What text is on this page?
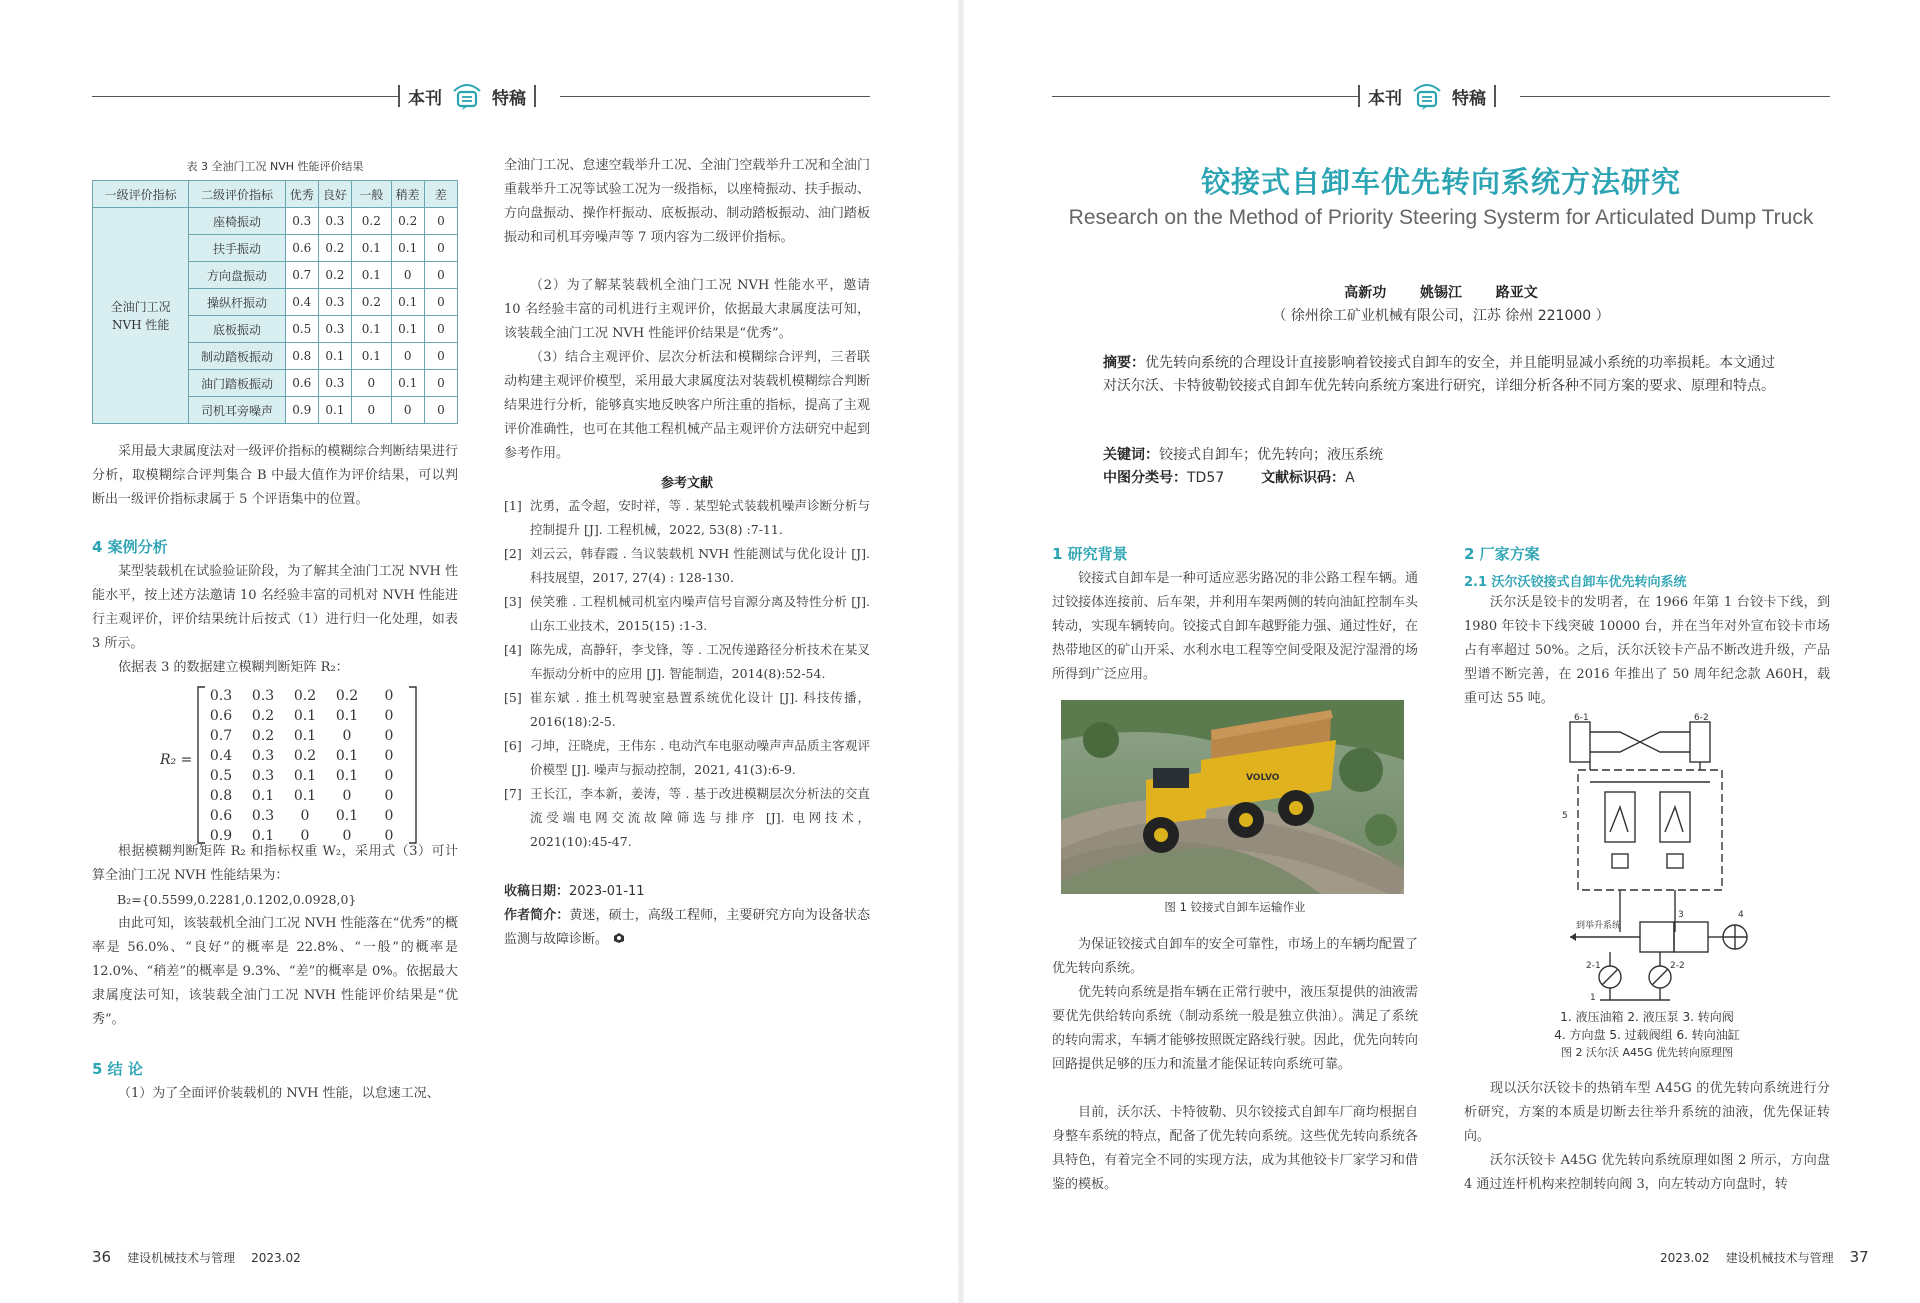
本刊	特稿
表 3 全油门工况 NVH 性能评价结果
一级评价指标	二级评价指标	优秀	良好	一般	稍差	差
全油门工况 NVH 性能	座椅振动	0.3	0.3	0.2	0.2	0
	扶手振动	0.6	0.2	0.1	0.1	0
	方向盘振动	0.7	0.2	0.1	0	0
	操纵杆振动	0.4	0.3	0.2	0.1	0
	底板振动	0.5	0.3	0.1	0.1	0
	制动踏板振动	0.8	0.1	0.1	0	0
	油门踏板振动	0.6	0.3	0	0.1	0
	司机耳旁噪声	0.9	0.1	0	0	0

采用最大隶属度法对一级评价指标的模糊综合判断结果进行分析，取模糊综合评判集合 B 中最大值作为评价结果，可以判断出一级评价指标隶属于 5 个评语集中的位置。

4 案例分析

某型装载机在试验验证阶段，为了解其全油门工况 NVH 性能水平，按上述方法邀请 10 名经验丰富的司机对 NVH 性能进行主观评价，评价结果统计后按式（1）进行归一化处理，如表 3 所示。

依据表 3 的数据建立模糊判断矩阵 R₂：

R₂ =
0.3	0.3	0.2	0.2	0
0.6	0.2	0.1	0.1	0
0.7	0.2	0.1	0	0
0.4	0.3	0.2	0.1	0
0.5	0.3	0.1	0.1	0
0.8	0.1	0.1	0	0
0.6	0.3	0	0.1	0
0.9	0.1	0	0	0

根据模糊判断矩阵 R₂ 和指标权重 W₂，采用式（3）可计算全油门工况 NVH 性能结果为：

B₂={0.5599,0.2281,0.1202,0.0928,0}

由此可知，该装载机全油门工况 NVH 性能落在“优秀”的概率是 56.0%、“良好”的概率是 22.8%、“一般”的概率是 12.0%、“稍差”的概率是 9.3%、“差”的概率是 0%。依据最大隶属度法可知，该装载全油门工况 NVH 性能评价结果是“优秀”。

5 结 论

（1）为了全面评价装载机的 NVH 性能，以怠速工况、

全油门工况、怠速空载举升工况、全油门空载举升工况和全油门重载举升工况等试验工况为一级指标，以座椅振动、扶手振动、方向盘振动、操作杆振动、底板振动、制动踏板振动、油门踏板振动和司机耳旁噪声等 7 项内容为二级评价指标。

（2）为了解某装载机全油门工况 NVH 性能水平，邀请 10 名经验丰富的司机进行主观评价，依据最大隶属度法可知，该装载全油门工况 NVH 性能评价结果是“优秀”。

（3）结合主观评价、层次分析法和模糊综合评判，三者联动构建主观评价模型，采用最大隶属度法对装载机模糊综合判断结果进行分析，能够真实地反映客户所注重的指标，提高了主观评价准确性，也可在其他工程机械产品主观评价方法研究中起到参考作用。

参考文献
[1] 沈勇，孟令超，安时祥，等 . 某型轮式装载机噪声诊断分析与控制提升 [J]. 工程机械，2022, 53(8) :7-11.
[2] 刘云云，韩春霞 . 刍议装载机 NVH 性能测试与优化设计 [J]. 科技展望，2017, 27(4) : 128-130.
[3] 侯笑雅 . 工程机械司机室内噪声信号盲源分离及特性分析 [J]. 山东工业技术，2015(15) :1-3.
[4] 陈先成，高静轩，李戈锋，等 . 工况传递路径分析技术在某叉车振动分析中的应用 [J]. 智能制造，2014(8):52-54.
[5] 崔东斌 . 推土机驾驶室悬置系统优化设计 [J]. 科技传播，2016(18):2-5.
[6] 刁坤，汪晓虎，王伟东 . 电动汽车电驱动噪声声品质主客观评价模型 [J]. 噪声与振动控制，2021, 41(3):6-9.
[7] 王长江，李本新，姜涛，等 . 基于改进模糊层次分析法的交直流受端电网交流故障筛选与排序 [J]. 电网技术，2021(10):45-47.
收稿日期：2023-01-11
作者简介：黄迷，硕士，高级工程师，主要研究方向为设备状态监测与故障诊断。
36 建设机械技术与管理 2023.02
本刊	特稿
铰接式自卸车优先转向系统方法研究
Research on the Method of Priority Steering Systerm for Articulated Dump Truck
高新功 姚锡江 路亚文
（ 徐州徐工矿业机械有限公司，江苏 徐州 221000 ）
摘要：优先转向系统的合理设计直接影响着铰接式自卸车的安全，并且能明显减小系统的功率损耗。本文通过对沃尔沃、卡特彼勒铰接式自卸车优先转向系统方案进行研究，详细分析各种不同方案的要求、原理和特点。
关键词：铰接式自卸车；优先转向；液压系统
中图分类号：TD57	文献标识码：A
1 研究背景

铰接式自卸车是一种可适应恶劣路况的非公路工程车辆。通过铰接体连接前、后车架，并利用车架两侧的转向油缸控制车头转动，实现车辆转向。铰接式自卸车越野能力强、通过性好，在热带地区的矿山开采、水利水电工程等空间受限及泥泞湿滑的场所得到广泛应用。

VOLVO
图 1 铰接式自卸车运输作业

为保证铰接式自卸车的安全可靠性，市场上的车辆均配置了优先转向系统。

优先转向系统是指车辆在正常行驶中，液压泵提供的油液需要优先供给转向系统（制动系统一般是独立供油）。满足了系统的转向需求，车辆才能够按照既定路线行驶。因此，优先向转向回路提供足够的压力和流量才能保证转向系统可靠。

目前，沃尔沃、卡特彼勒、贝尔铰接式自卸车厂商均根据自身整车系统的特点，配备了优先转向系统。这些优先转向系统各具特色，有着完全不同的实现方法，成为其他铰卡厂家学习和借鉴的模板。

2 厂家方案
2.1 沃尔沃铰接式自卸车优先转向系统

沃尔沃是铰卡的发明者，在 1966 年第 1 台铰卡下线，到 1980 年铰卡下线突破 10000 台，并在当年对外宣布铰卡市场占有率超过 50%。之后，沃尔沃铰卡产品不断改进升级，产品型谱不断完善，在 2016 年推出了 50 周年纪念款 A60H，载重可达 55 吨。

6-1	6-2
5
3	4
2-1	2-2
1
到举升系统
1. 液压油箱 2. 液压泵 3. 转向阀
4. 方向盘 5. 过载阀组 6. 转向油缸
图 2 沃尔沃 A45G 优先转向原理图

现以沃尔沃铰卡的热销车型 A45G 的优先转向系统进行分析研究，方案的本质是切断去往举升系统的油液，优先保证转向。

沃尔沃铰卡 A45G 优先转向系统原理如图 2 所示，方向盘 4 通过连杆机构来控制转向阀 3，向左转动方向盘时，转

2023.02 建设机械技术与管理 37
